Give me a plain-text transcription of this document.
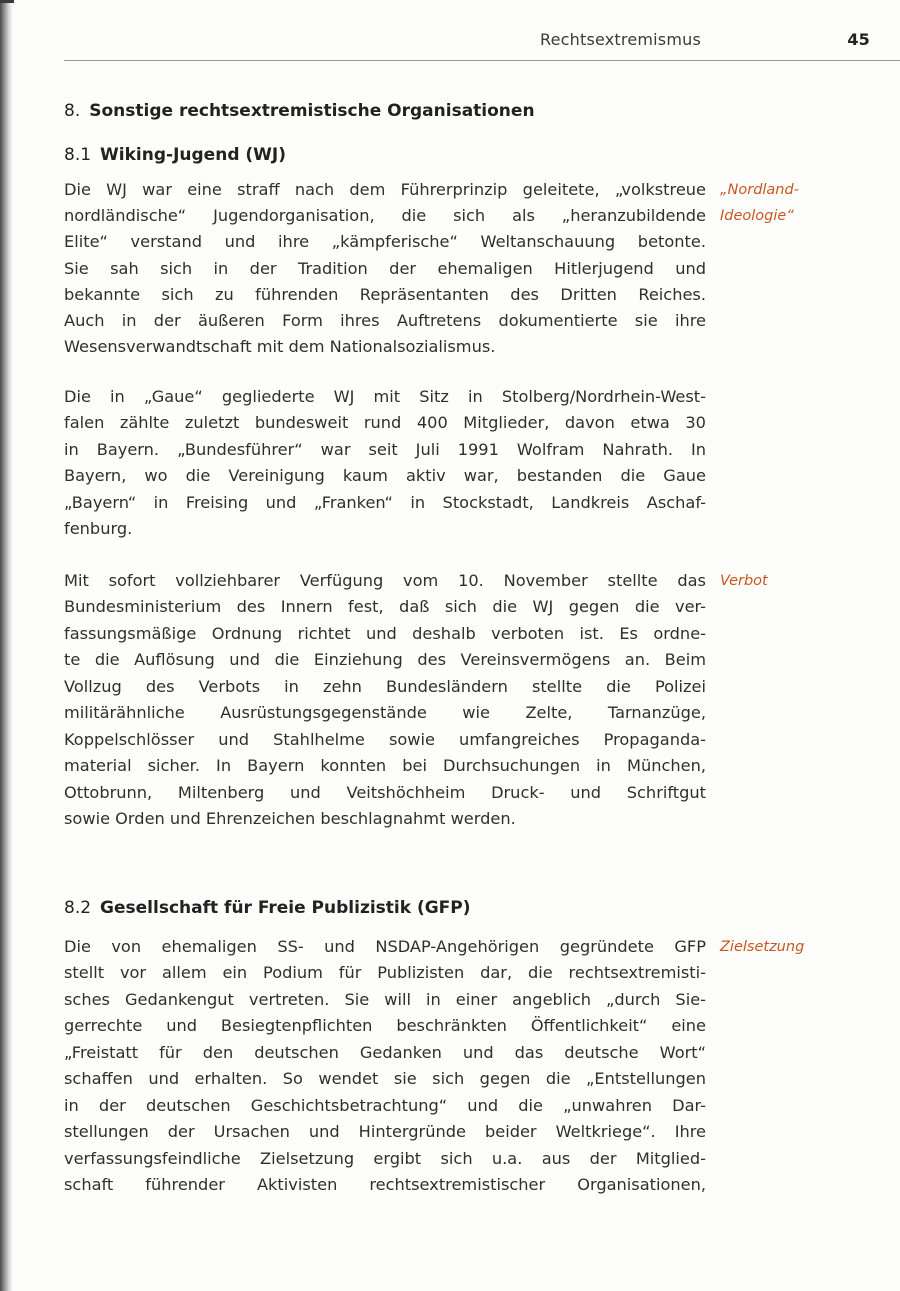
Rechtsextremismus	45
8. Sonstige rechtsextremistische Organisationen
8.1 Wiking-Jugend (WJ)
Die WJ war eine straff nach dem Führerprinzip geleitete, „volkstreue
nordländische“ Jugendorganisation, die sich als „heranzubildende
Elite“ verstand und ihre „kämpferische“ Weltanschauung betonte.
Sie sah sich in der Tradition der ehemaligen Hitlerjugend und
bekannte sich zu führenden Repräsentanten des Dritten Reiches.
Auch in der äußeren Form ihres Auftretens dokumentierte sie ihre
Wesensverwandtschaft mit dem Nationalsozialismus.
Die in „Gaue“ gegliederte WJ mit Sitz in Stolberg/Nordrhein-West-
falen zählte zuletzt bundesweit rund 400 Mitglieder, davon etwa 30
in Bayern. „Bundesführer“ war seit Juli 1991 Wolfram Nahrath. In
Bayern, wo die Vereinigung kaum aktiv war, bestanden die Gaue
„Bayern“ in Freising und „Franken“ in Stockstadt, Landkreis Aschaf-
fenburg.
Mit sofort vollziehbarer Verfügung vom 10. November stellte das
Bundesministerium des Innern fest, daß sich die WJ gegen die ver-
fassungsmäßige Ordnung richtet und deshalb verboten ist. Es ordne-
te die Auflösung und die Einziehung des Vereinsvermögens an. Beim
Vollzug des Verbots in zehn Bundesländern stellte die Polizei
militärähnliche Ausrüstungsgegenstände wie Zelte, Tarnanzüge,
Koppelschlösser und Stahlhelme sowie umfangreiches Propaganda-
material sicher. In Bayern konnten bei Durchsuchungen in München,
Ottobrunn, Miltenberg und Veitshöchheim Druck- und Schriftgut
sowie Orden und Ehrenzeichen beschlagnahmt werden.
8.2 Gesellschaft für Freie Publizistik (GFP)
Die von ehemaligen SS- und NSDAP-Angehörigen gegründete GFP
stellt vor allem ein Podium für Publizisten dar, die rechtsextremisti-
sches Gedankengut vertreten. Sie will in einer angeblich „durch Sie-
gerrechte und Besiegtenpflichten beschränkten Öffentlichkeit“ eine
„Freistatt für den deutschen Gedanken und das deutsche Wort“
schaffen und erhalten. So wendet sie sich gegen die „Entstellungen
in der deutschen Geschichtsbetrachtung“ und die „unwahren Dar-
stellungen der Ursachen und Hintergründe beider Weltkriege“. Ihre
verfassungsfeindliche Zielsetzung ergibt sich u.a. aus der Mitglied-
schaft führender Aktivisten rechtsextremistischer Organisationen,
„Nordland-
Ideologie“
Verbot
Zielsetzung
